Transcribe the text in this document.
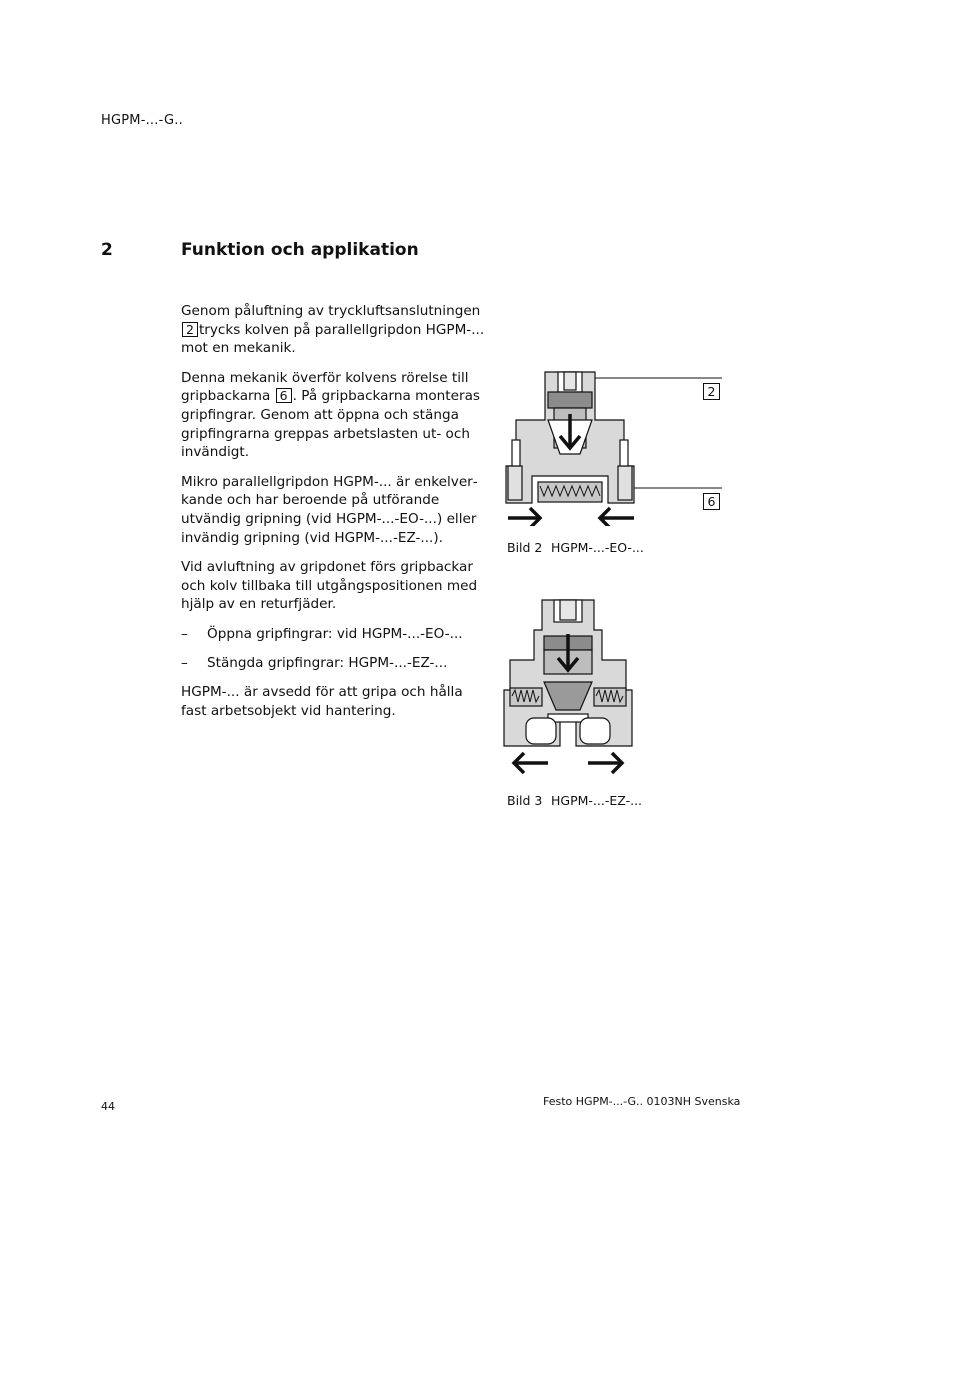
HGPM-...-G..
2	Funktion och applikation

Genom påluftning av tryckluftsanslutningen 2 trycks kolven på parallellgripdon HGPM-... mot en mekanik.

Denna mekanik överför kolvens rörelse till gripbackarna 6 . På gripbackarna monteras gripfingrar. Genom att öppna och stänga gripfingrarna greppas arbetslasten ut- och invändigt.

Mikro parallellgripdon HGPM-... är enkelverkande och har beroende på utförande utvändig gripning (vid HGPM-...-EO-...) eller invändig gripning (vid HGPM-...-EZ-...).

Vid avluftning av gripdonet förs gripbackar och kolv tillbaka till utgångspositionen med hjälp av en returfjäder.

–	Öppna gripfingrar: vid HGPM-...-EO-...
–	Stängda gripfingrar: HGPM-...-EZ-...

HGPM-... är avsedd för att gripa och hålla fast arbetsobjekt vid hantering.

2
6
Bild 2 HGPM-...-EO-...
Bild 3 HGPM-...-EZ-...
44	Festo HGPM-...-G.. 0103NH Svenska
